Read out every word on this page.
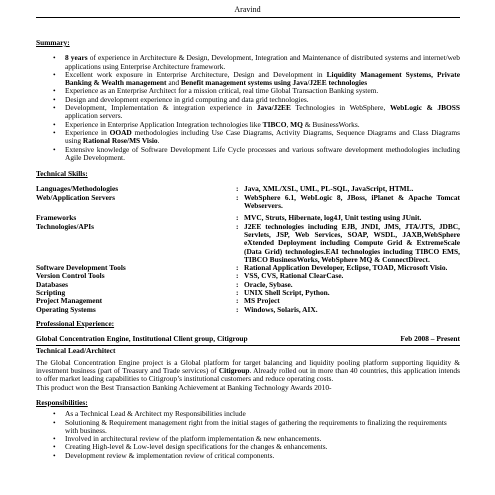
Aravind
Summary:
• 8 years of experience in Architecture & Design, Development, Integration and Maintenance of distributed systems and internet/web applications using Enterprise Architecture framework.
• Excellent work exposure in Enterprise Architecture, Design and Development in Liquidity Management Systems, Private Banking & Wealth management and Benefit management systems using Java/J2EE technologies
• Experience as an Enterprise Architect for a mission critical, real time Global Transaction Banking system.
• Design and development experience in grid computing and data grid technologies.
• Development, Implementation & integration experience in Java/J2EE Technologies in WebSphere, WebLogic & JBOSS application servers.
• Experience in Enterprise Application Integration technologies like TIBCO, MQ & BusinessWorks.
• Experience in OOAD methodologies including Use Case Diagrams, Activity Diagrams, Sequence Diagrams and Class Diagrams using Rational Rose/MS Visio.
• Extensive knowledge of Software Development Life Cycle processes and various software development methodologies including Agile Development.
Technical Skills:
Languages/Methodologies	: Java, XML/XSL, UML, PL-SQL, JavaScript, HTML.
Web/Application Servers	: WebSphere 6.1, WebLogic 8, JBoss, iPlanet & Apache Tomcat Webservers.
Frameworks	: MVC, Struts, Hibernate, log4J, Unit testing using JUnit.
Technologies/APIs	: J2EE technologies including EJB, JNDI, JMS, JTA/JTS, JDBC, Servlets, JSP, Web Services, SOAP, WSDL, JAXB,WebSphere eXtended Deployment including Compute Grid & ExtremeScale (Data Grid) technologies.EAI technologies including TIBCO EMS, TIBCO BusinessWorks, WebSphere MQ & ConnectDirect.
Software Development Tools	: Rational Application Developer, Eclipse, TOAD, Microsoft Visio.
Version Control Tools	: VSS, CVS, Rational ClearCase.
Databases	: Oracle, Sybase.
Scripting	: UNIX Shell Script, Python.
Project Management	: MS Project
Operating Systems	: Windows, Solaris, AIX.
Professional Experience:
Global Concentration Engine, Institutional Client group, Citigroup	Feb 2008 – Present
Technical Lead/Architect
The Global Concentration Engine project is a Global platform for target balancing and liquidity pooling platform supporting liquidity & investment business (part of Treasury and Trade services) of Citigroup. Already rolled out in more than 40 countries, this application intends to offer market leading capabilities to Citigroup’s institutional customers and reduce operating costs.
This product won the Best Transaction Banking Achievement at Banking Technology Awards 2010-
Responsibilities:
• As a Technical Lead & Architect my Responsibilities include
• Solutioning & Requirement management right from the initial stages of gathering the requirements to finalizing the requirements with business.
• Involved in architectural review of the platform implementation & new enhancements.
• Creating High-level & Low-level design specifications for the changes & enhancements.
• Development review & implementation review of critical components.
